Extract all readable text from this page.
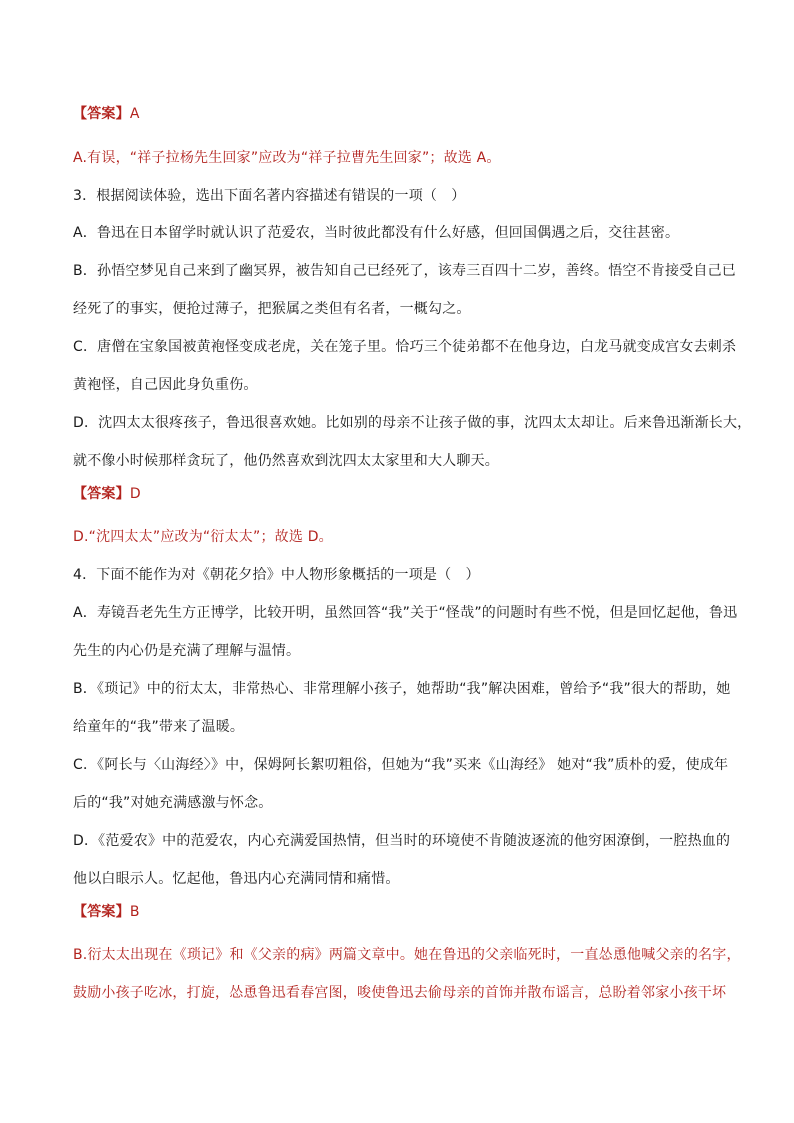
【答案】A
A.有误，“祥子拉杨先生回家”应改为“祥子拉曹先生回家”；故选 A。
3．根据阅读体验，选出下面名著内容描述有错误的一项（　）
A．鲁迅在日本留学时就认识了范爱农，当时彼此都没有什么好感，但回国偶遇之后，交往甚密。
B．孙悟空梦见自己来到了幽冥界，被告知自己已经死了，该寿三百四十二岁，善终。悟空不肯接受自己已
经死了的事实，便抢过薄子，把猴属之类但有名者，一概勾之。
C．唐僧在宝象国被黄袍怪变成老虎，关在笼子里。恰巧三个徒弟都不在他身边，白龙马就变成宫女去刺杀
黄袍怪，自己因此身负重伤。
D．沈四太太很疼孩子，鲁迅很喜欢她。比如别的母亲不让孩子做的事，沈四太太却让。后来鲁迅渐渐长大，
就不像小时候那样贪玩了，他仍然喜欢到沈四太太家里和大人聊天。
【答案】D
D.“沈四太太”应改为“衍太太”；故选 D。
4．下面不能作为对《朝花夕拾》中人物形象概括的一项是（　）
A．寿镜吾老先生方正博学，比较开明，虽然回答“我”关于“怪哉”的问题时有些不悦，但是回忆起他，鲁迅
先生的内心仍是充满了理解与温情。
B．《琐记》中的衍太太，非常热心、非常理解小孩子，她帮助“我”解决困难，曾给予“我”很大的帮助，她
给童年的“我”带来了温暖。
C．《阿长与〈山海经〉》中，保姆阿长絮叨粗俗，但她为“我”买来《山海经》 她对“我”质朴的爱，使成年
后的“我”对她充满感激与怀念。
D．《范爱农》中的范爱农，内心充满爱国热情，但当时的环境使不肯随波逐流的他穷困潦倒，一腔热血的
他以白眼示人。忆起他，鲁迅内心充满同情和痛惜。
【答案】B
B.衍太太出现在《琐记》和《父亲的病》两篇文章中。她在鲁迅的父亲临死时，一直怂恿他喊父亲的名字，
鼓励小孩子吃冰，打旋，怂恿鲁迅看春宫图，唆使鲁迅去偷母亲的首饰并散布谣言，总盼着邻家小孩干坏
